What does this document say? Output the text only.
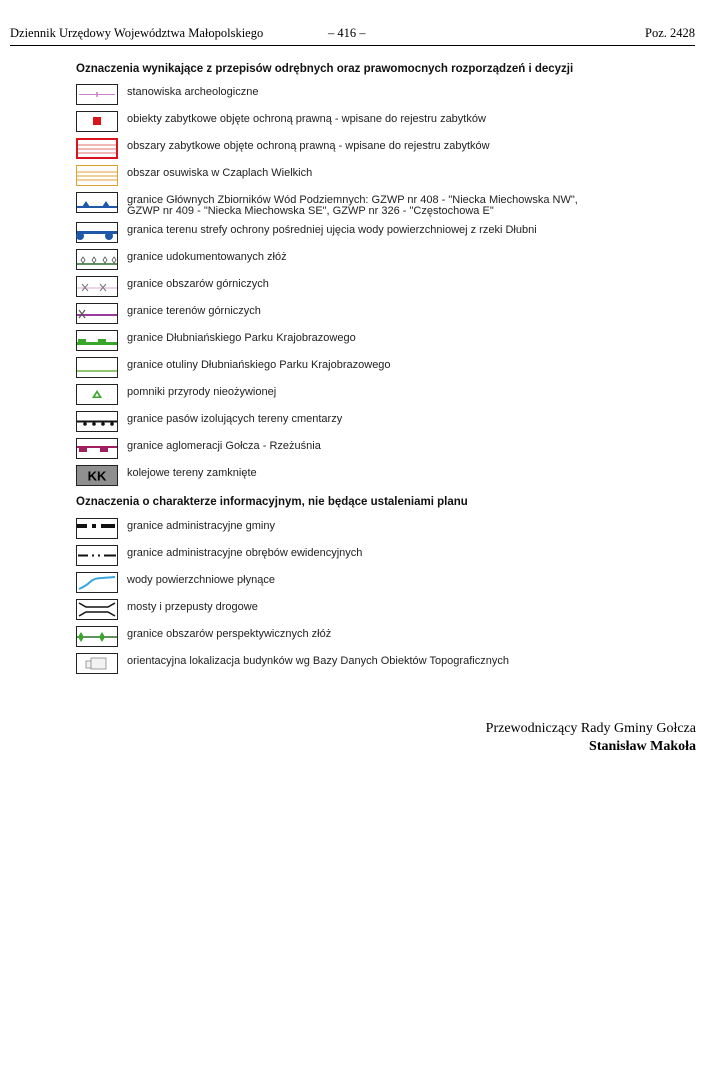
Dziennik Urzędowy Województwa Małopolskiego	– 416 –	Poz. 2428
Oznaczenia wynikające z przepisów odrębnych oraz prawomocnych rozporządzeń i decyzji
stanowiska archeologiczne
obiekty zabytkowe objęte ochroną prawną - wpisane do rejestru zabytków
obszary zabytkowe objęte ochroną prawną - wpisane do rejestru zabytków
obszar osuwiska w Czaplach Wielkich
granice Głównych Zbiorników Wód Podziemnych: GZWP nr 408 - "Niecka Miechowska NW",
GZWP nr 409 - "Niecka Miechowska SE", GZWP nr 326 - "Częstochowa E"
granica terenu strefy ochrony pośredniej ujęcia wody powierzchniowej z rzeki Dłubni
granice udokumentowanych złóż
granice obszarów górniczych
granice terenów górniczych
granice Dłubniańskiego Parku Krajobrazowego
granice otuliny Dłubniańskiego Parku Krajobrazowego
pomniki przyrody nieożywionej
granice pasów izolujących tereny cmentarzy
granice aglomeracji Gołcza - Rzeżuśnia
KK kolejowe tereny zamknięte
Oznaczenia o charakterze informacyjnym, nie będące ustaleniami planu
granice administracyjne gminy
granice administracyjne obrębów ewidencyjnych
wody powierzchniowe płynące
mosty i przepusty drogowe
granice obszarów perspektywicznych złóż
orientacyjna lokalizacja budynków wg Bazy Danych Obiektów Topograficznych
Przewodniczący Rady Gminy Gołcza
Stanisław Makoła
